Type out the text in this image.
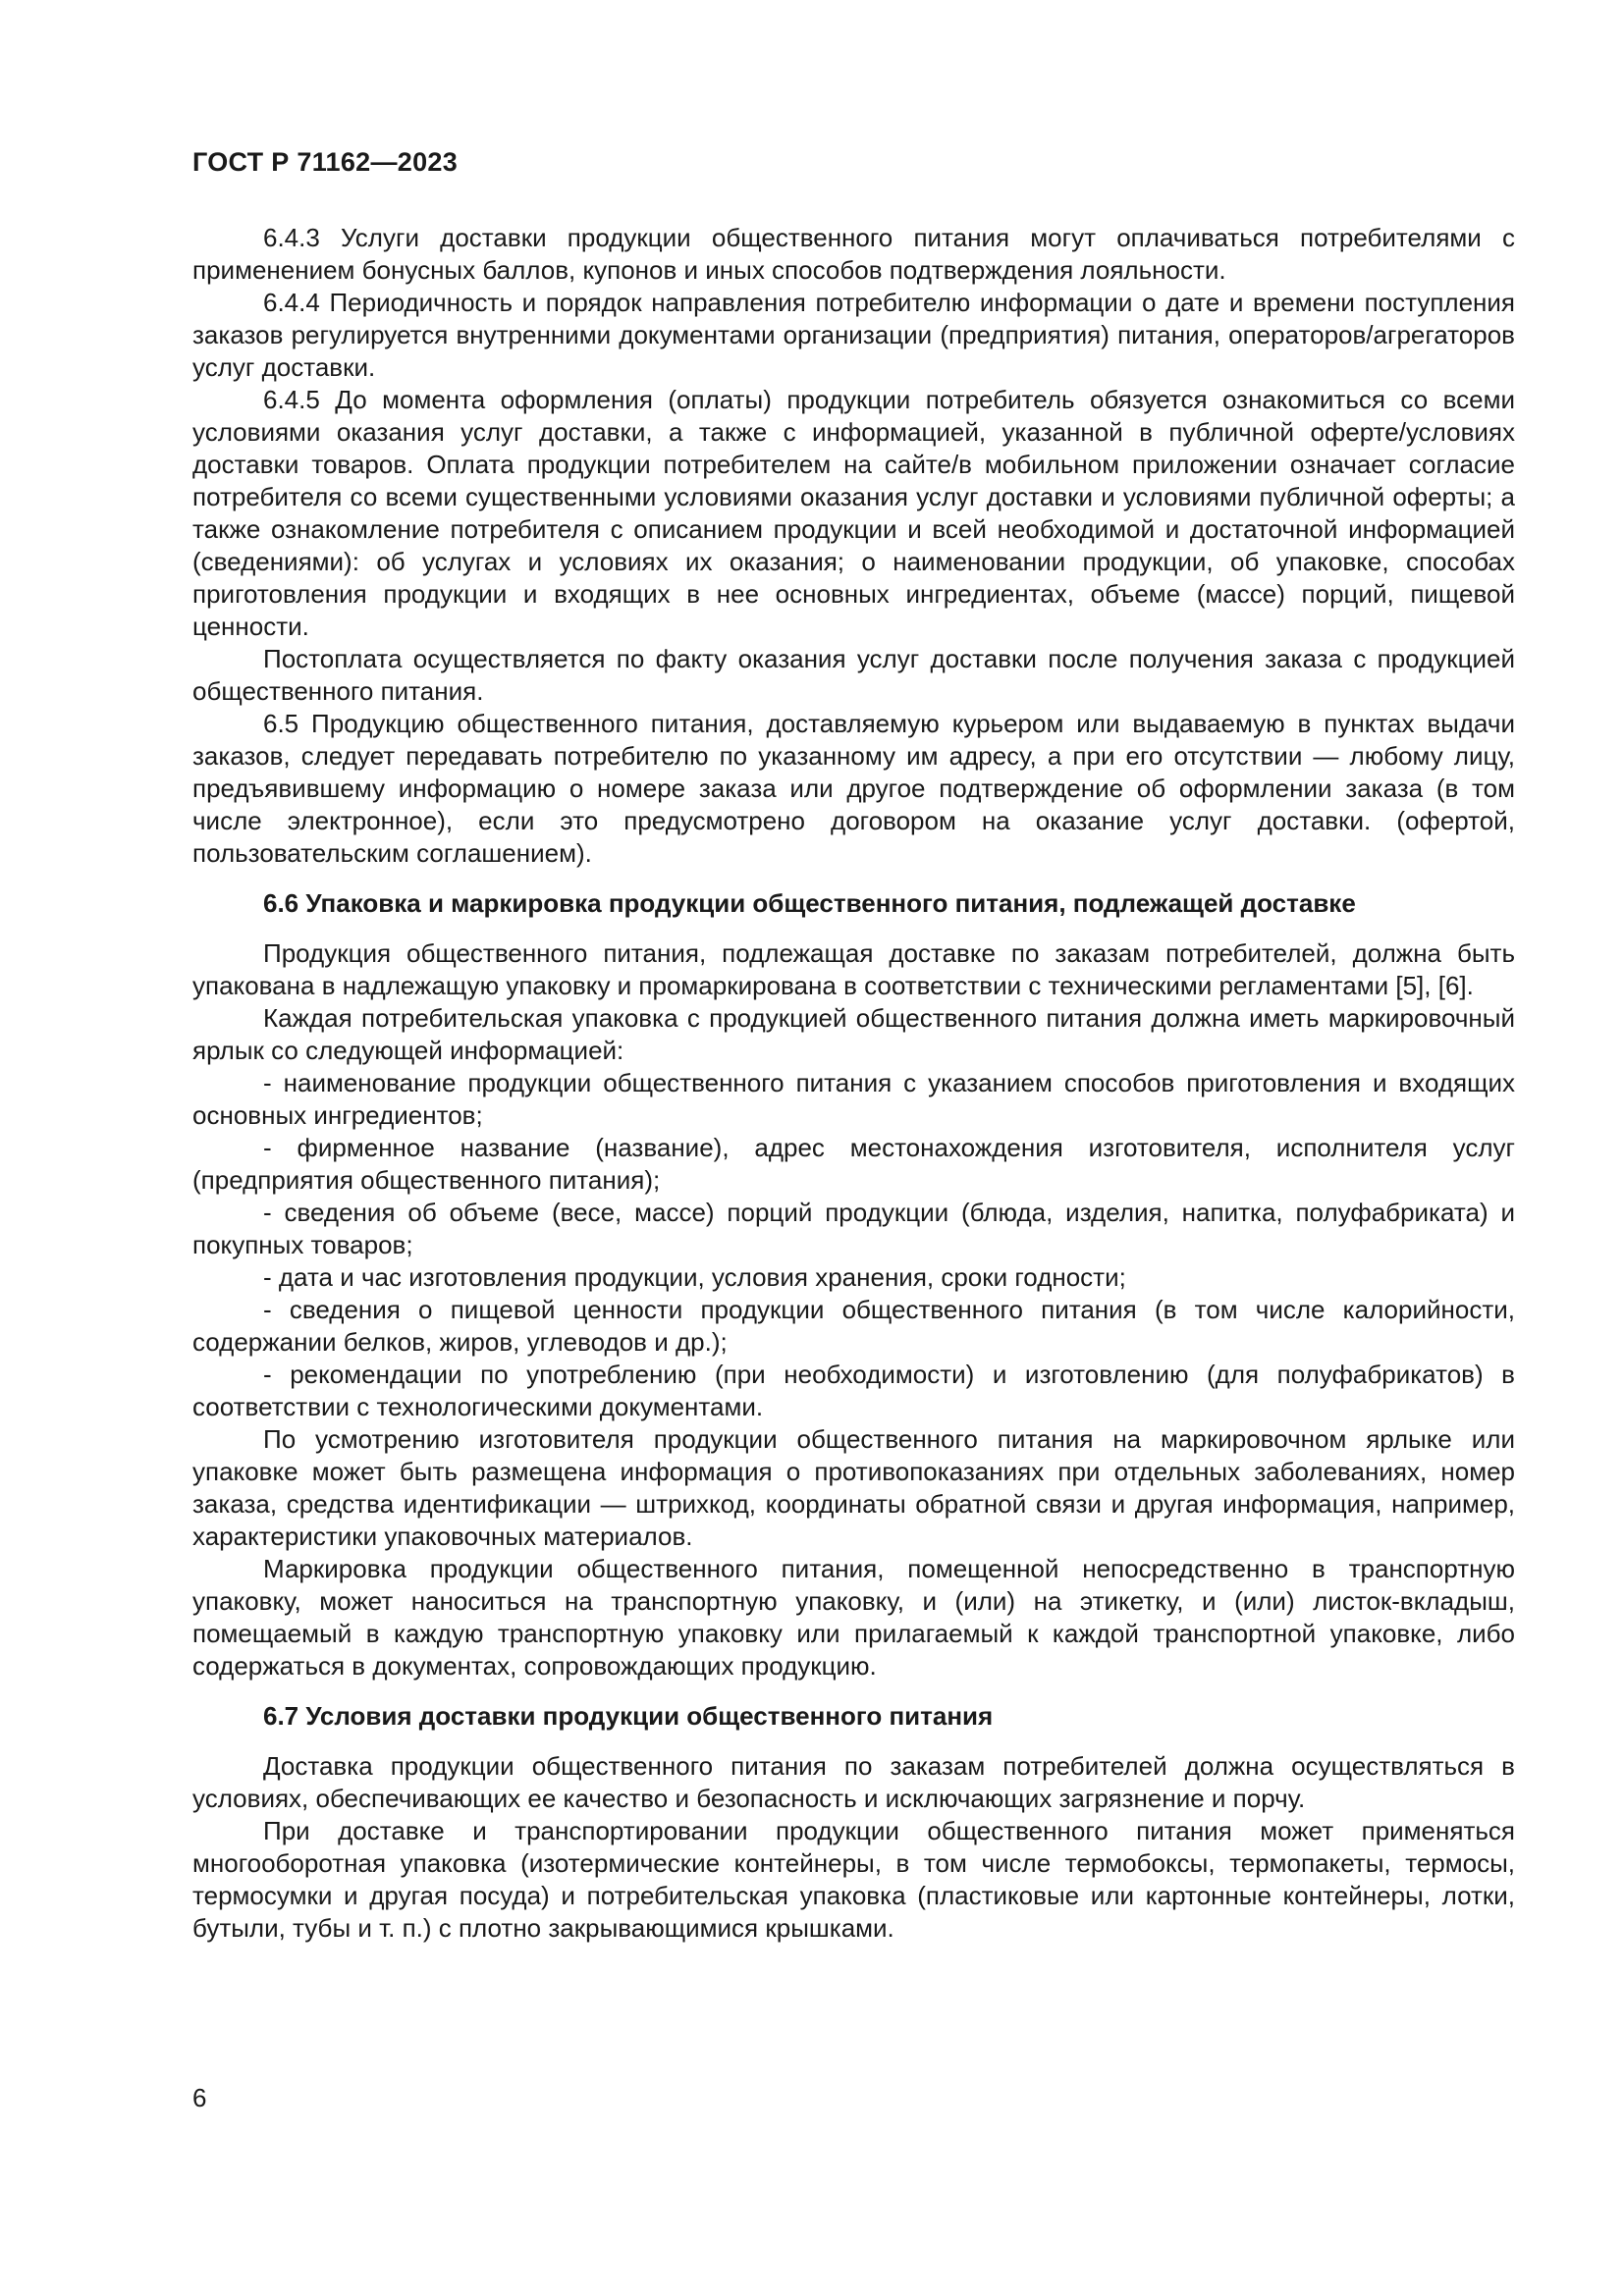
ГОСТ Р 71162—2023

6.4.3 Услуги доставки продукции общественного питания могут оплачиваться потребителями с применением бонусных баллов, купонов и иных способов подтверждения лояльности.

6.4.4 Периодичность и порядок направления потребителю информации о дате и времени поступления заказов регулируется внутренними документами организации (предприятия) питания, операторов/агрегаторов услуг доставки.

6.4.5 До момента оформления (оплаты) продукции потребитель обязуется ознакомиться со всеми условиями оказания услуг доставки, а также с информацией, указанной в публичной оферте/условиях доставки товаров. Оплата продукции потребителем на сайте/в мобильном приложении означает согласие потребителя со всеми существенными условиями оказания услуг доставки и условиями публичной оферты; а также ознакомление потребителя с описанием продукции и всей необходимой и достаточной информацией (сведениями): об услугах и условиях их оказания; о наименовании продукции, об упаковке, способах приготовления продукции и входящих в нее основных ингредиентах, объеме (массе) порций, пищевой ценности.

Постоплата осуществляется по факту оказания услуг доставки после получения заказа с продукцией общественного питания.

6.5 Продукцию общественного питания, доставляемую курьером или выдаваемую в пунктах выдачи заказов, следует передавать потребителю по указанному им адресу, а при его отсутствии — любому лицу, предъявившему информацию о номере заказа или другое подтверждение об оформлении заказа (в том числе электронное), если это предусмотрено договором на оказание услуг доставки. (офертой, пользовательским соглашением).

6.6 Упаковка и маркировка продукции общественного питания, подлежащей доставке

Продукция общественного питания, подлежащая доставке по заказам потребителей, должна быть упакована в надлежащую упаковку и промаркирована в соответствии с техническими регламентами [5], [6].

Каждая потребительская упаковка с продукцией общественного питания должна иметь маркировочный ярлык со следующей информацией:

- наименование продукции общественного питания с указанием способов приготовления и входящих основных ингредиентов;

- фирменное название (название), адрес местонахождения изготовителя, исполнителя услуг (предприятия общественного питания);

- сведения об объеме (весе, массе) порций продукции (блюда, изделия, напитка, полуфабриката) и покупных товаров;

- дата и час изготовления продукции, условия хранения, сроки годности;

- сведения о пищевой ценности продукции общественного питания (в том числе калорийности, содержании белков, жиров, углеводов и др.);

- рекомендации по употреблению (при необходимости) и изготовлению (для полуфабрикатов) в соответствии с технологическими документами.

По усмотрению изготовителя продукции общественного питания на маркировочном ярлыке или упаковке может быть размещена информация о противопоказаниях при отдельных заболеваниях, номер заказа, средства идентификации — штрихкод, координаты обратной связи и другая информация, например, характеристики упаковочных материалов.

Маркировка продукции общественного питания, помещенной непосредственно в транспортную упаковку, может наноситься на транспортную упаковку, и (или) на этикетку, и (или) листок-вкладыш, помещаемый в каждую транспортную упаковку или прилагаемый к каждой транспортной упаковке, либо содержаться в документах, сопровождающих продукцию.

6.7 Условия доставки продукции общественного питания

Доставка продукции общественного питания по заказам потребителей должна осуществляться в условиях, обеспечивающих ее качество и безопасность и исключающих загрязнение и порчу.

При доставке и транспортировании продукции общественного питания может применяться многооборотная упаковка (изотермические контейнеры, в том числе термобоксы, термопакеты, термосы, термосумки и другая посуда) и потребительская упаковка (пластиковые или картонные контейнеры, лотки, бутыли, тубы и т. п.) с плотно закрывающимися крышками.

6
